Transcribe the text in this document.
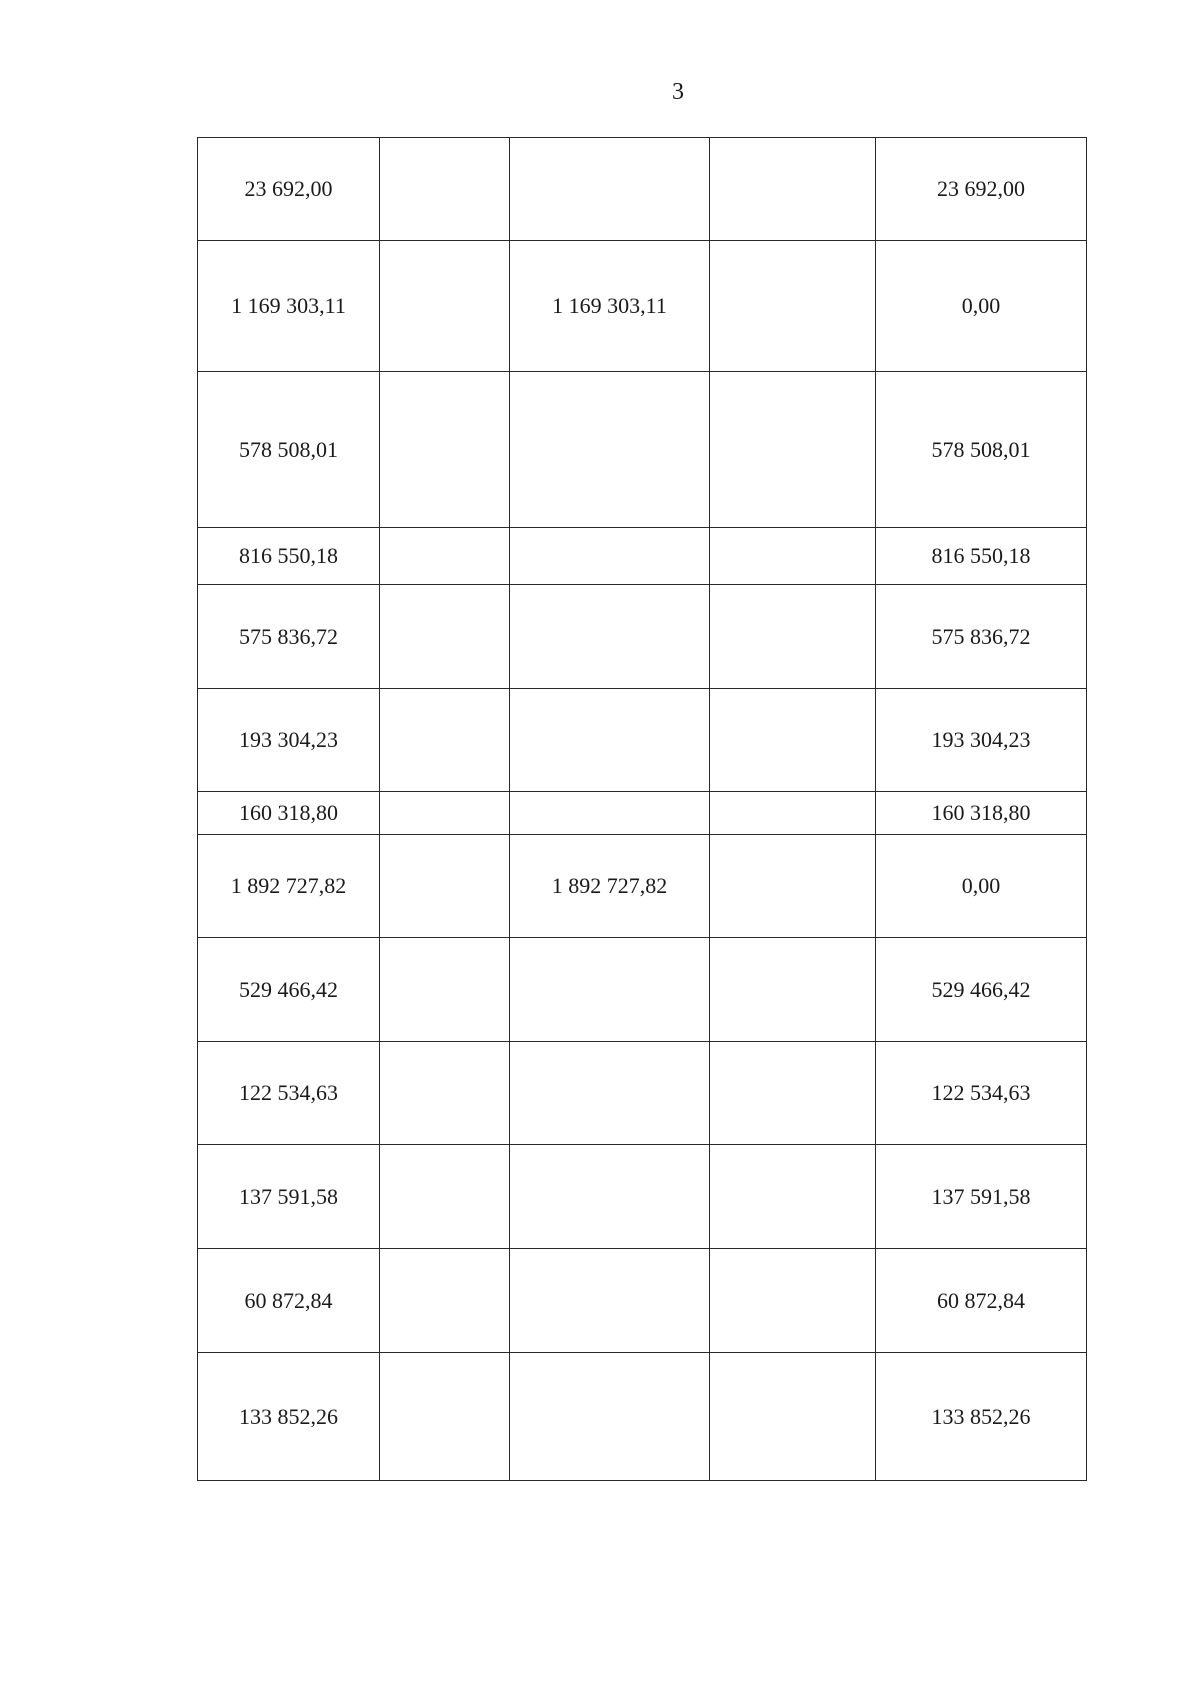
3
23 692,00				23 692,00
1 169 303,11		1 169 303,11		0,00
578 508,01				578 508,01
816 550,18				816 550,18
575 836,72				575 836,72
193 304,23				193 304,23
160 318,80				160 318,80
1 892 727,82		1 892 727,82		0,00
529 466,42				529 466,42
122 534,63				122 534,63
137 591,58				137 591,58
60 872,84				60 872,84
133 852,26				133 852,26
